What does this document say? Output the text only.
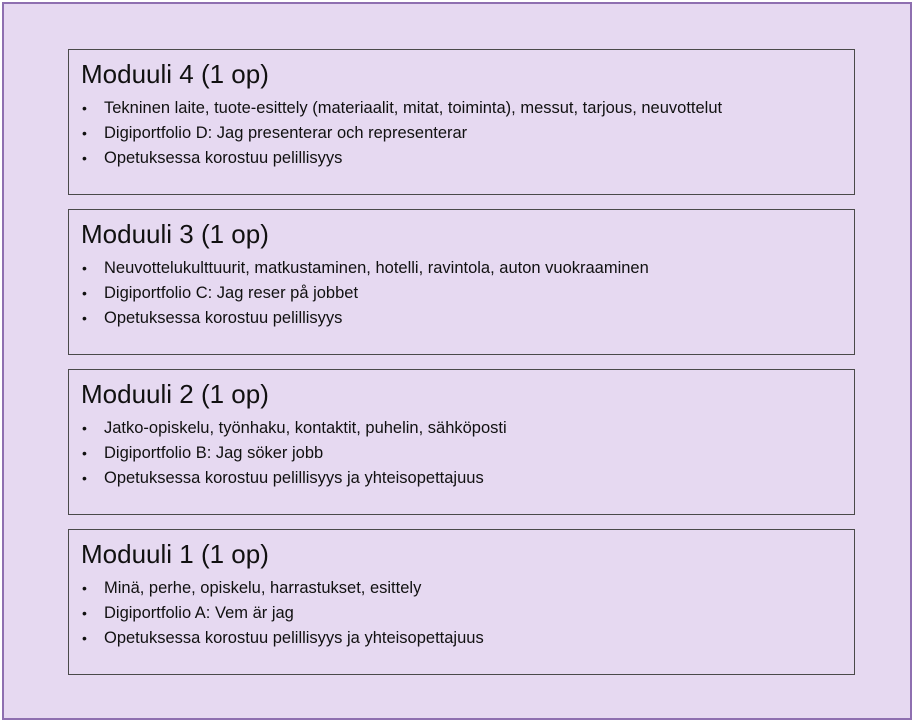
Moduuli 4 (1 op)
• Tekninen laite, tuote-esittely (materiaalit, mitat, toiminta), messut, tarjous, neuvottelut
• Digiportfolio D: Jag presenterar och representerar
• Opetuksessa korostuu pelillisyys
Moduuli 3 (1 op)
• Neuvottelukulttuurit, matkustaminen, hotelli, ravintola, auton vuokraaminen
• Digiportfolio C: Jag reser på jobbet
• Opetuksessa korostuu pelillisyys
Moduuli 2 (1 op)
• Jatko-opiskelu, työnhaku, kontaktit, puhelin, sähköposti
• Digiportfolio B: Jag söker jobb
• Opetuksessa korostuu pelillisyys ja yhteisopettajuus
Moduuli 1 (1 op)
• Minä, perhe, opiskelu, harrastukset, esittely
• Digiportfolio A: Vem är jag
• Opetuksessa korostuu pelillisyys ja yhteisopettajuus
